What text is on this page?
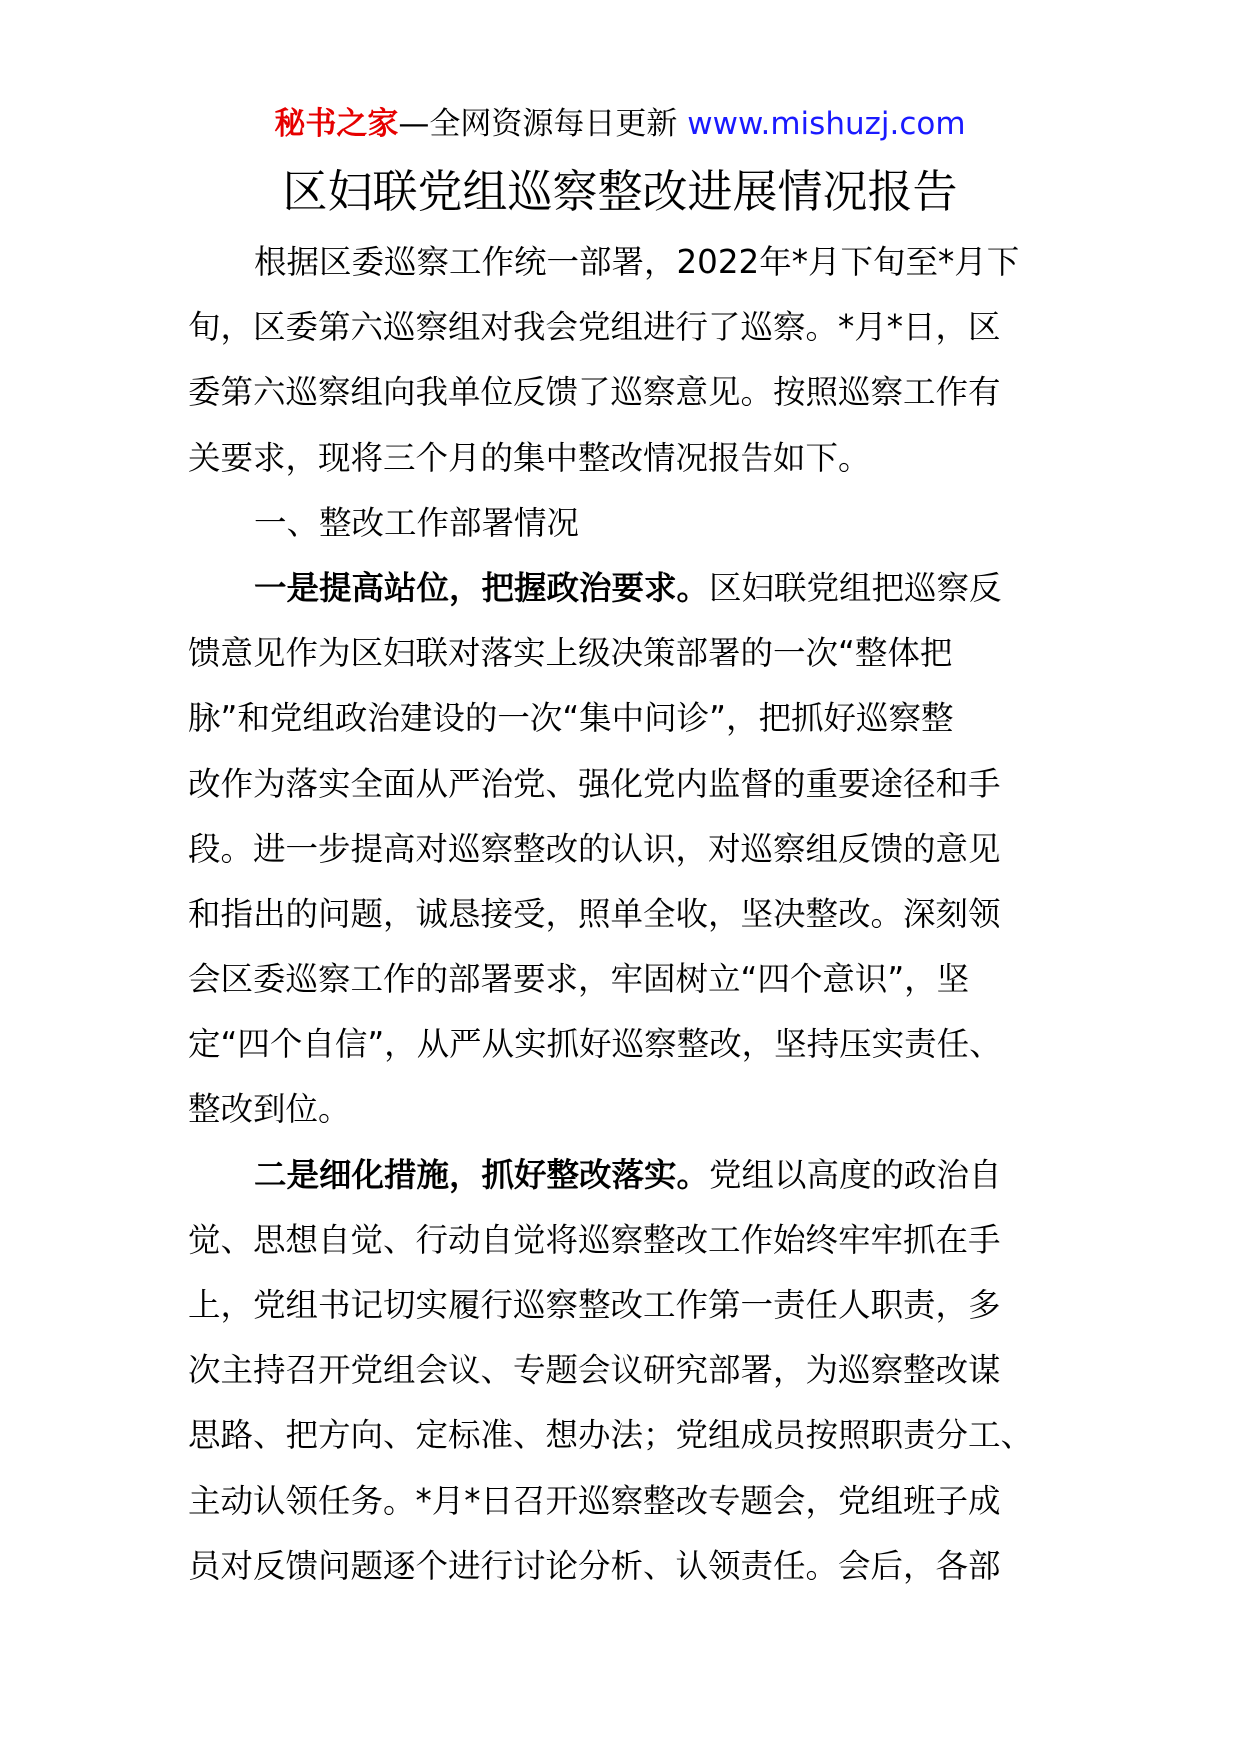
秘书之家—全网资源每日更新 www.mishuzj.com
区妇联党组巡察整改进展情况报告
根据区委巡察工作统一部署，2022年*月下旬至*月下
旬，区委第六巡察组对我会党组进行了巡察。*月*日，区
委第六巡察组向我单位反馈了巡察意见。按照巡察工作有
关要求，现将三个月的集中整改情况报告如下。
一、整改工作部署情况
一是提高站位，把握政治要求。区妇联党组把巡察反
馈意见作为区妇联对落实上级决策部署的一次“整体把
脉”和党组政治建设的一次“集中问诊”，把抓好巡察整
改作为落实全面从严治党、强化党内监督的重要途径和手
段。进一步提高对巡察整改的认识，对巡察组反馈的意见
和指出的问题，诚恳接受，照单全收，坚决整改。深刻领
会区委巡察工作的部署要求，牢固树立“四个意识”，坚
定“四个自信”，从严从实抓好巡察整改，坚持压实责任、
整改到位。
二是细化措施，抓好整改落实。党组以高度的政治自
觉、思想自觉、行动自觉将巡察整改工作始终牢牢抓在手
上，党组书记切实履行巡察整改工作第一责任人职责，多
次主持召开党组会议、专题会议研究部署，为巡察整改谋
思路、把方向、定标准、想办法；党组成员按照职责分工、
主动认领任务。*月*日召开巡察整改专题会，党组班子成
员对反馈问题逐个进行讨论分析、认领责任。会后，各部
